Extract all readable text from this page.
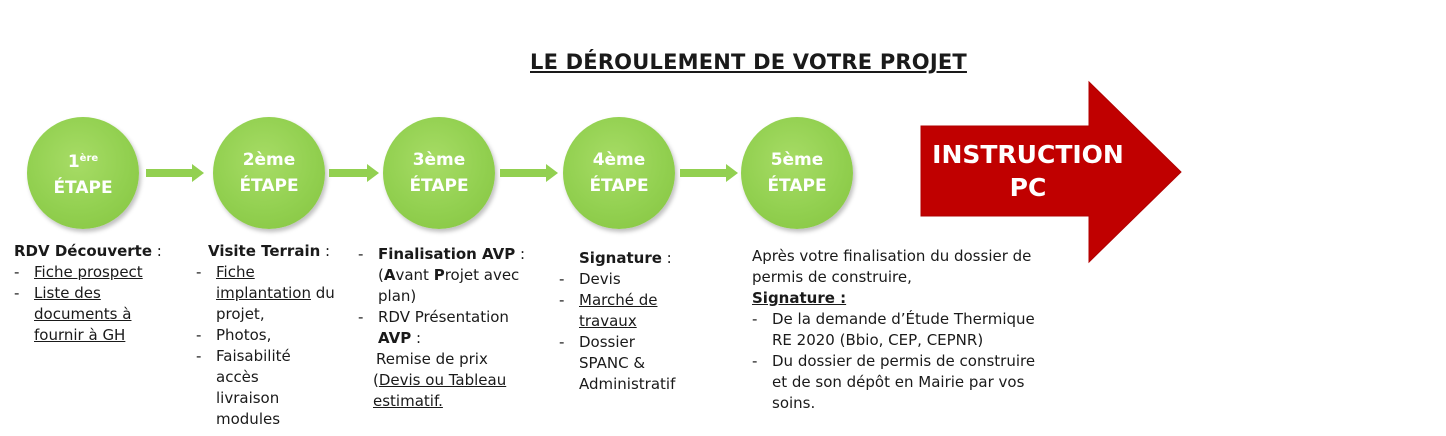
LE DÉROULEMENT DE VOTRE PROJET
1ère
ÉTAPE
2ème
ÉTAPE
3ème
ÉTAPE
4ème
ÉTAPE
5ème
ÉTAPE
INSTRUCTION
PC
RDV Découverte :
- Fiche prospect
- Liste des documents à fournir à GH
Visite Terrain :
- Fiche implantation du projet,
- Photos,
- Faisabilité accès livraison modules
- Finalisation AVP :
(Avant Projet avec plan)
- RDV Présentation
AVP :
Remise de prix
(Devis ou Tableau estimatif.
Signature :
- Devis
- Marché de travaux
- Dossier SPANC & Administratif
Après votre finalisation du dossier de permis de construire,
Signature :
- De la demande d’Étude Thermique RE 2020 (Bbio, CEP, CEPNR)
- Du dossier de permis de construire et de son dépôt en Mairie par vos soins.
